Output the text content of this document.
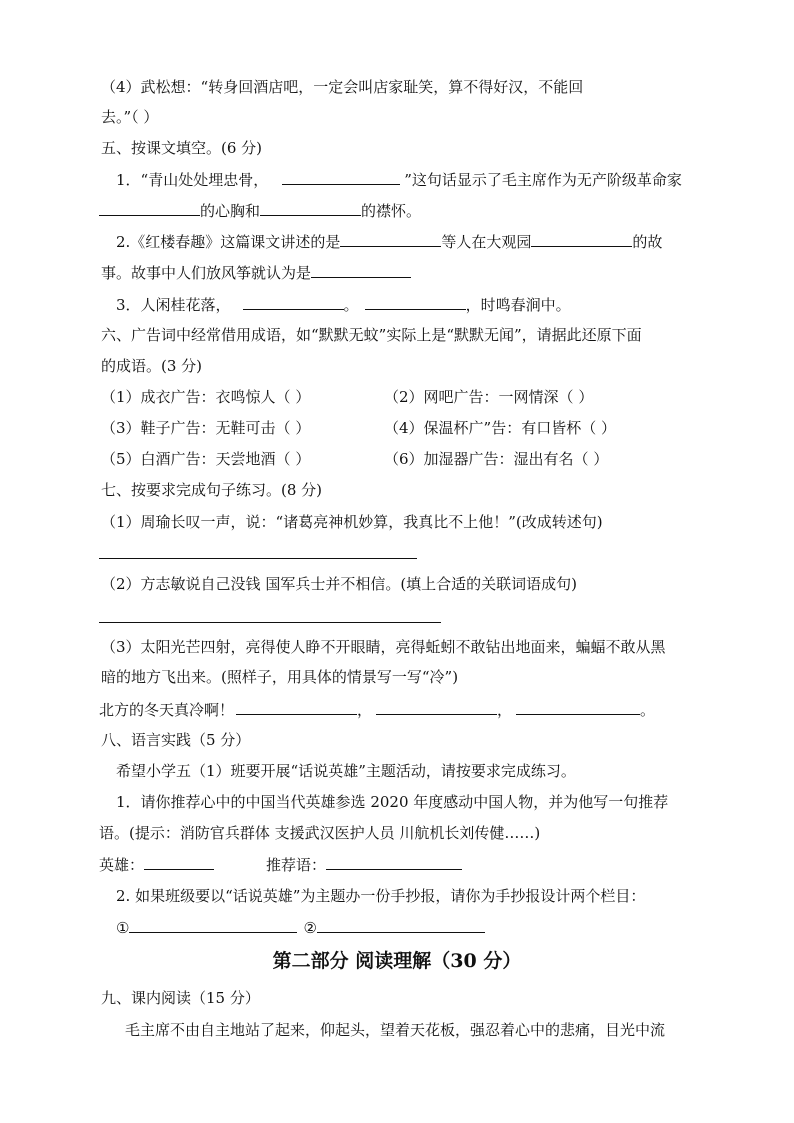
（4）武松想：“转身回酒店吧，一定会叫店家耻笑，算不得好汉，不能回
去。”（ ）
五、按课文填空。(6 分)
1．“青山处处埋忠骨，	”这句话显示了毛主席作为无产阶级革命家
的心胸和	的襟怀。
2.《红楼春趣》这篇课文讲述的是	等人在大观园	的故
事。故事中人们放风筝就认为是
3．人闲桂花落，	。	，时鸣春涧中。
六、广告词中经常借用成语，如“默默无蚊”实际上是“默默无闻”，请据此还原下面
的成语。(3 分)
（1）成衣广告：衣鸣惊人（ ）	（2）网吧广告：一网情深（ ）
（3）鞋子广告：无鞋可击（ ）	（4）保温杯广”告：有口皆杯（ ）
（5）白酒广告：天尝地酒（ ）	（6）加湿器广告：湿出有名（ ）
七、按要求完成句子练习。(8 分)
（1）周瑜长叹一声，说：“诸葛亮神机妙算，我真比不上他！”(改成转述句)
（2）方志敏说自己没钱 国军兵士并不相信。(填上合适的关联词语成句)
（3）太阳光芒四射，亮得使人睁不开眼睛，亮得蚯蚓不敢钻出地面来，蝙蝠不敢从黑
暗的地方飞出来。(照样子，用具体的情景写一写“冷”)
北方的冬天真冷啊！	，	，	。
八、语言实践（5 分）
希望小学五（1）班要开展“话说英雄”主题活动，请按要求完成练习。
1．请你推荐心中的中国当代英雄参选 2020 年度感动中国人物，并为他写一句推荐
语。(提示：消防官兵群体 支援武汉医护人员 川航机长刘传健……)
英雄：	推荐语：
2. 如果班级要以“话说英雄”为主题办一份手抄报，请你为手抄报设计两个栏目：
①	②
第二部分 阅读理解（30 分）
九、课内阅读（15 分）
毛主席不由自主地站了起来，仰起头，望着天花板，强忍着心中的悲痛，目光中流
